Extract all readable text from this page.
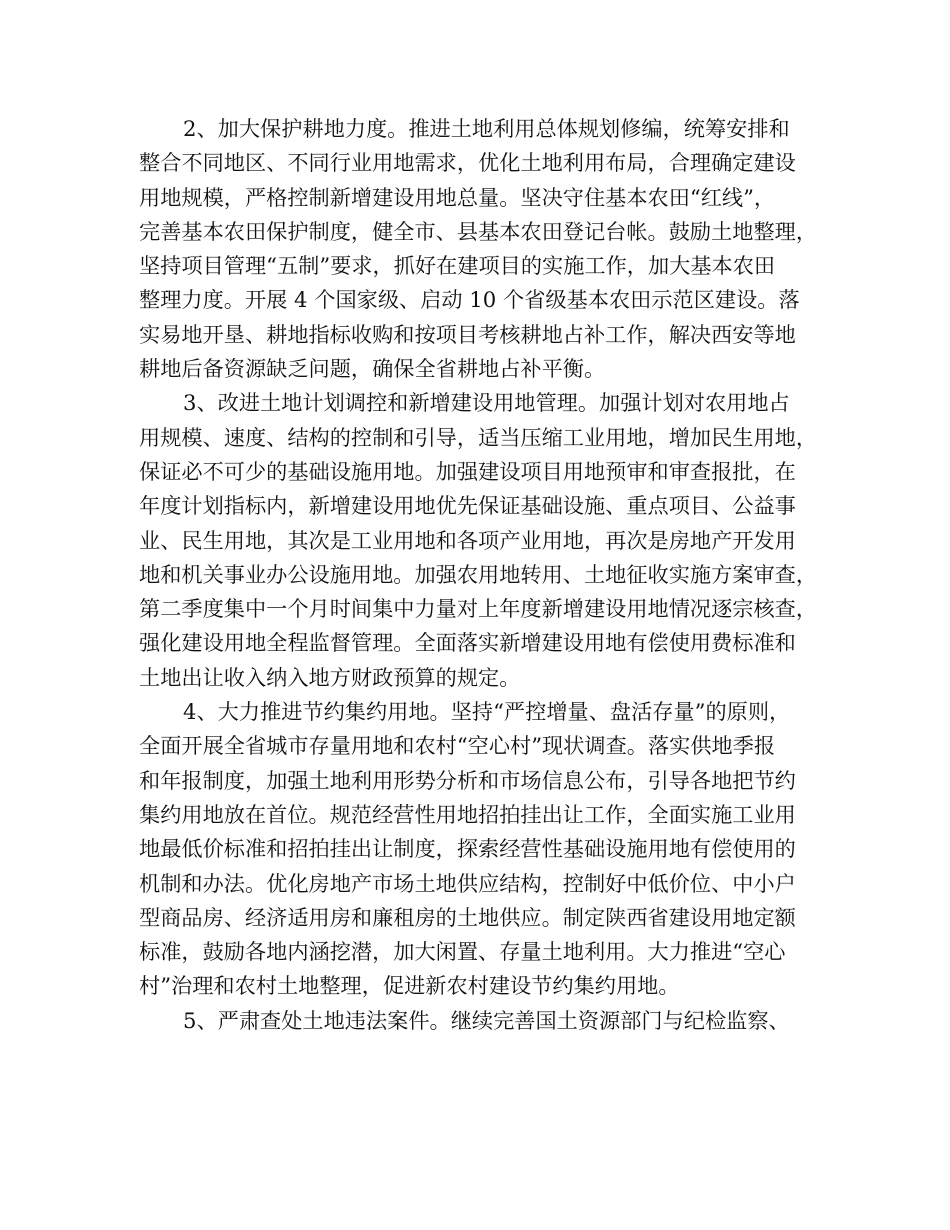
2、加大保护耕地力度。推进土地利用总体规划修编，统筹安排和
整合不同地区、不同行业用地需求，优化土地利用布局，合理确定建设
用地规模，严格控制新增建设用地总量。坚决守住基本农田“红线”，
完善基本农田保护制度，健全市、县基本农田登记台帐。鼓励土地整理，
坚持项目管理“五制”要求，抓好在建项目的实施工作，加大基本农田
整理力度。开展 4 个国家级、启动 10 个省级基本农田示范区建设。落
实易地开垦、耕地指标收购和按项目考核耕地占补工作，解决西安等地
耕地后备资源缺乏问题，确保全省耕地占补平衡。
3、改进土地计划调控和新增建设用地管理。加强计划对农用地占
用规模、速度、结构的控制和引导，适当压缩工业用地，增加民生用地，
保证必不可少的基础设施用地。加强建设项目用地预审和审查报批，在
年度计划指标内，新增建设用地优先保证基础设施、重点项目、公益事
业、民生用地，其次是工业用地和各项产业用地，再次是房地产开发用
地和机关事业办公设施用地。加强农用地转用、土地征收实施方案审查，
第二季度集中一个月时间集中力量对上年度新增建设用地情况逐宗核查，
强化建设用地全程监督管理。全面落实新增建设用地有偿使用费标准和
土地出让收入纳入地方财政预算的规定。
4、大力推进节约集约用地。坚持“严控增量、盘活存量”的原则，
全面开展全省城市存量用地和农村“空心村”现状调查。落实供地季报
和年报制度，加强土地利用形势分析和市场信息公布，引导各地把节约
集约用地放在首位。规范经营性用地招拍挂出让工作，全面实施工业用
地最低价标准和招拍挂出让制度，探索经营性基础设施用地有偿使用的
机制和办法。优化房地产市场土地供应结构，控制好中低价位、中小户
型商品房、经济适用房和廉租房的土地供应。制定陕西省建设用地定额
标准，鼓励各地内涵挖潜，加大闲置、存量土地利用。大力推进“空心
村”治理和农村土地整理，促进新农村建设节约集约用地。
5、严肃查处土地违法案件。继续完善国土资源部门与纪检监察、
